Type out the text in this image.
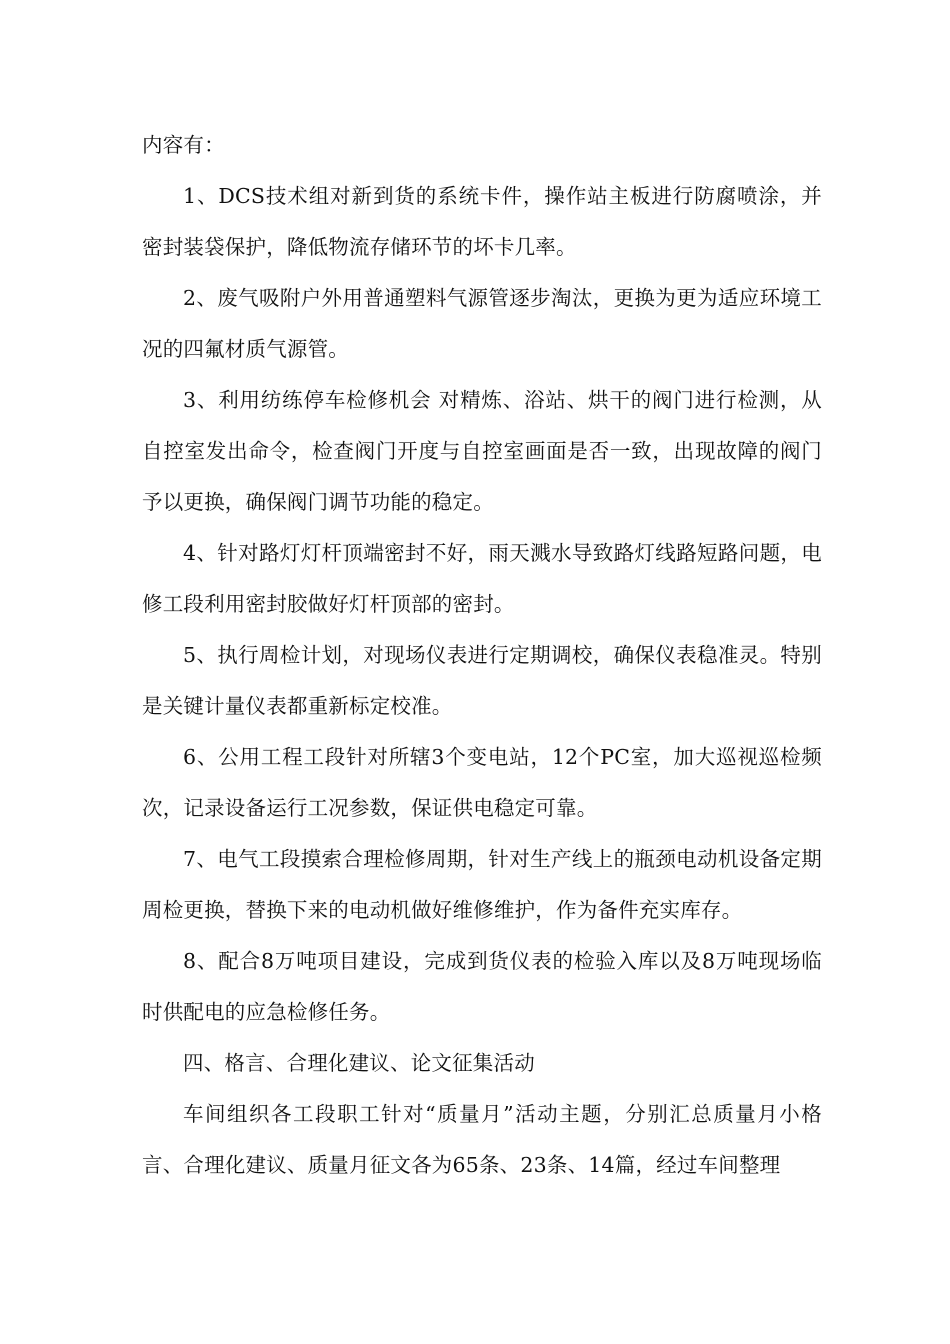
内容有：

1、DCS技术组对新到货的系统卡件，操作站主板进行防腐喷涂，并密封装袋保护，降低物流存储环节的坏卡几率。

2、废气吸附户外用普通塑料气源管逐步淘汰，更换为更为适应环境工况的四氟材质气源管。

3、利用纺练停车检修机会 对精炼、浴站、烘干的阀门进行检测，从自控室发出命令，检查阀门开度与自控室画面是否一致，出现故障的阀门予以更换，确保阀门调节功能的稳定。

4、针对路灯灯杆顶端密封不好，雨天溅水导致路灯线路短路问题，电修工段利用密封胶做好灯杆顶部的密封。

5、执行周检计划，对现场仪表进行定期调校，确保仪表稳准灵。特别是关键计量仪表都重新标定校准。

6、公用工程工段针对所辖3个变电站，12个PC室，加大巡视巡检频次，记录设备运行工况参数，保证供电稳定可靠。

7、电气工段摸索合理检修周期，针对生产线上的瓶颈电动机设备定期周检更换，替换下来的电动机做好维修维护，作为备件充实库存。

8、配合8万吨项目建设，完成到货仪表的检验入库以及8万吨现场临时供配电的应急检修任务。

四、格言、合理化建议、论文征集活动

车间组织各工段职工针对“质量月”活动主题，分别汇总质量月小格言、合理化建议、质量月征文各为65条、23条、14篇，经过车间整理
